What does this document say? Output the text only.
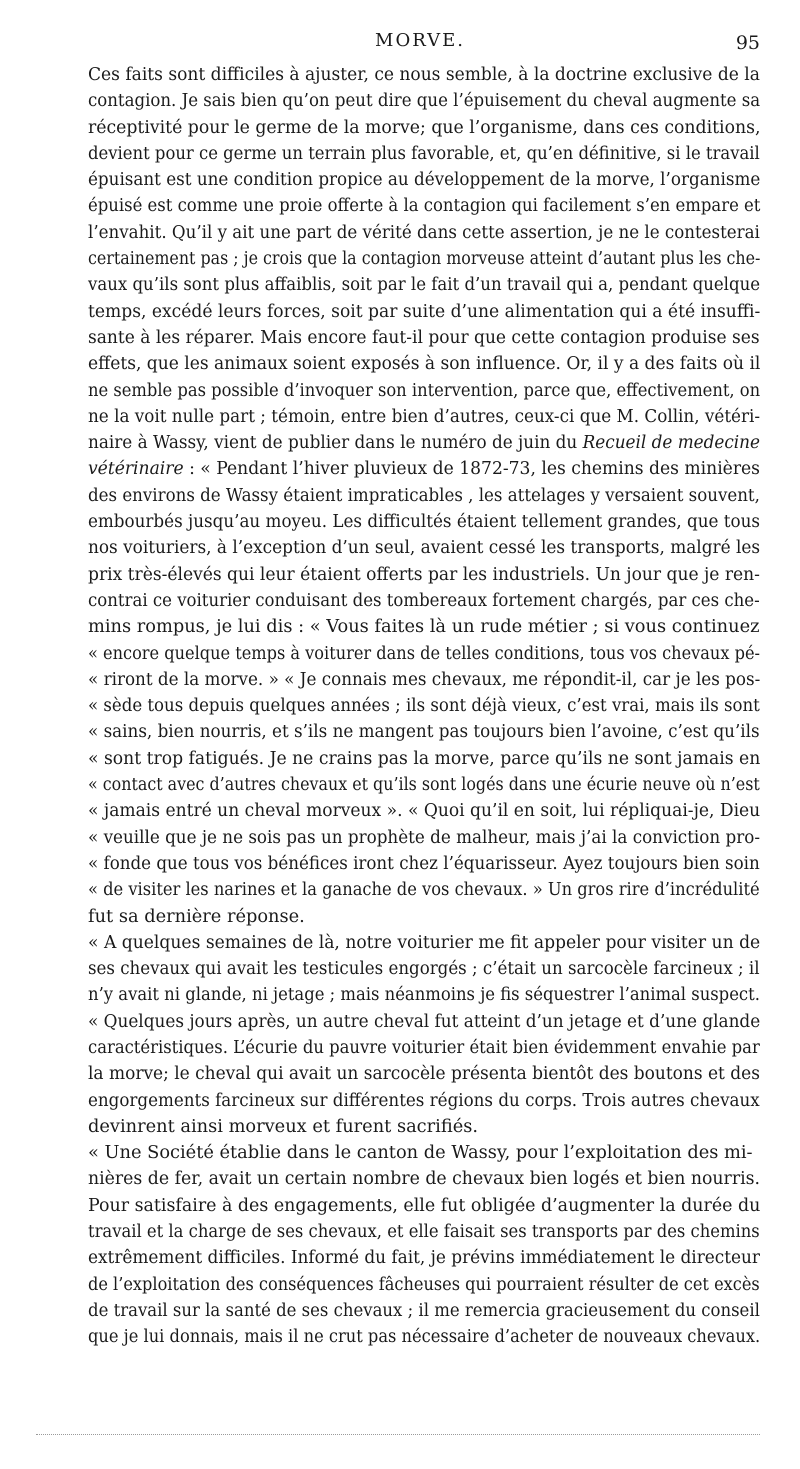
MORVE.	95
Ces faits sont difficiles à ajuster, ce nous semble, à la doctrine exclusive de la
contagion. Je sais bien qu’on peut dire que l’épuisement du cheval augmente sa
réceptivité pour le germe de la morve; que l’organisme, dans ces conditions,
devient pour ce germe un terrain plus favorable, et, qu’en définitive, si le travail
épuisant est une condition propice au développement de la morve, l’organisme
épuisé est comme une proie offerte à la contagion qui facilement s’en empare et
l’envahit. Qu’il y ait une part de vérité dans cette assertion, je ne le contesterai
certainement pas ; je crois que la contagion morveuse atteint d’autant plus les che-
vaux qu’ils sont plus affaiblis, soit par le fait d’un travail qui a, pendant quelque
temps, excédé leurs forces, soit par suite d’une alimentation qui a été insuffi-
sante à les réparer. Mais encore faut-il pour que cette contagion produise ses
effets, que les animaux soient exposés à son influence. Or, il y a des faits où il
ne semble pas possible d’invoquer son intervention, parce que, effectivement, on
ne la voit nulle part ; témoin, entre bien d’autres, ceux-ci que M. Collin, vétéri-
naire à Wassy, vient de publier dans le numéro de juin du Recueil de medecine
vétérinaire : « Pendant l’hiver pluvieux de 1872-73, les chemins des minières
des environs de Wassy étaient impraticables , les attelages y versaient souvent,
embourbés jusqu’au moyeu. Les difficultés étaient tellement grandes, que tous
nos voituriers, à l’exception d’un seul, avaient cessé les transports, malgré les
prix très-élevés qui leur étaient offerts par les industriels. Un jour que je ren-
contrai ce voiturier conduisant des tombereaux fortement chargés, par ces che-
mins rompus, je lui dis : « Vous faites là un rude métier ; si vous continuez
« encore quelque temps à voiturer dans de telles conditions, tous vos chevaux pé-
« riront de la morve. » « Je connais mes chevaux, me répondit-il, car je les pos-
« sède tous depuis quelques années ; ils sont déjà vieux, c’est vrai, mais ils sont
« sains, bien nourris, et s’ils ne mangent pas toujours bien l’avoine, c’est qu’ils
« sont trop fatigués. Je ne crains pas la morve, parce qu’ils ne sont jamais en
« contact avec d’autres chevaux et qu’ils sont logés dans une écurie neuve où n’est
« jamais entré un cheval morveux ». « Quoi qu’il en soit, lui répliquai-je, Dieu
« veuille que je ne sois pas un prophète de malheur, mais j’ai la conviction pro-
« fonde que tous vos bénéfices iront chez l’équarisseur. Ayez toujours bien soin
« de visiter les narines et la ganache de vos chevaux. » Un gros rire d’incrédulité
fut sa dernière réponse.
« A quelques semaines de là, notre voiturier me fit appeler pour visiter un de
ses chevaux qui avait les testicules engorgés ; c’était un sarcocèle farcineux ; il
n’y avait ni glande, ni jetage ; mais néanmoins je fis séquestrer l’animal suspect.
« Quelques jours après, un autre cheval fut atteint d’un jetage et d’une glande
caractéristiques. L’écurie du pauvre voiturier était bien évidemment envahie par
la morve; le cheval qui avait un sarcocèle présenta bientôt des boutons et des
engorgements farcineux sur différentes régions du corps. Trois autres chevaux
devinrent ainsi morveux et furent sacrifiés.
« Une Société établie dans le canton de Wassy, pour l’exploitation des mi-
nières de fer, avait un certain nombre de chevaux bien logés et bien nourris.
Pour satisfaire à des engagements, elle fut obligée d’augmenter la durée du
travail et la charge de ses chevaux, et elle faisait ses transports par des chemins
extrêmement difficiles. Informé du fait, je prévins immédiatement le directeur
de l’exploitation des conséquences fâcheuses qui pourraient résulter de cet excès
de travail sur la santé de ses chevaux ; il me remercia gracieusement du conseil
que je lui donnais, mais il ne crut pas nécessaire d’acheter de nouveaux chevaux.
